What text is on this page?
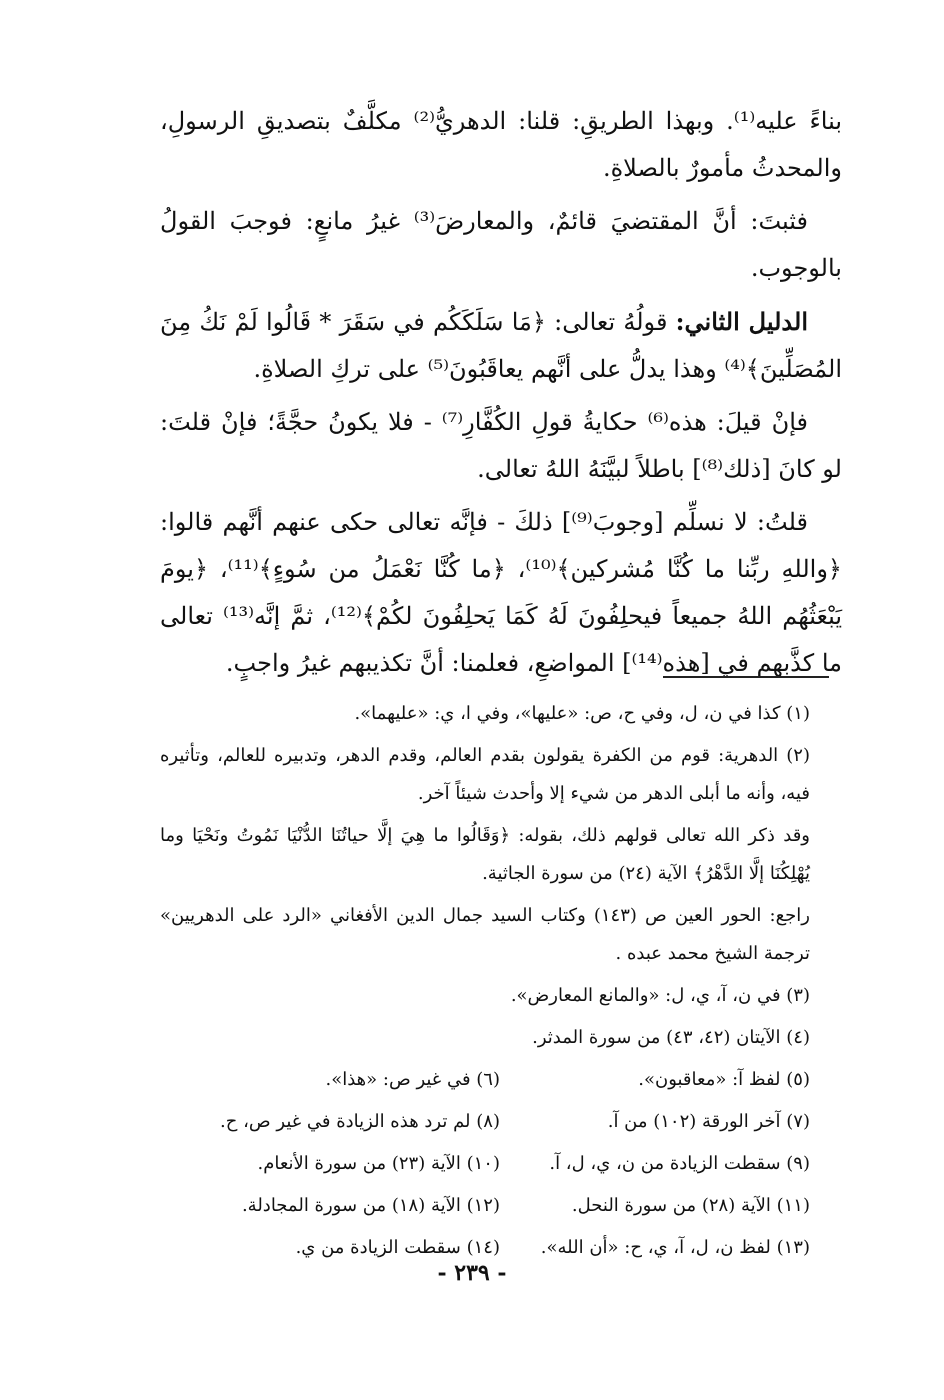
بناءً عليه⁽¹⁾. وبهذا الطريقِ: قلنا: الدهريُّ⁽²⁾ مكلَّفٌ بتصديقِ الرسولِ، والمحدثُ مأمورٌ بالصلاةِ.

فثبتَ: أنَّ المقتضيَ قائمٌ، والمعارضَ⁽³⁾ غيرُ مانعٍ: فوجبَ القولُ بالوجوب.

الدليل الثاني: قولُهُ تعالى: ﴿مَا سَلَكَكُم في سَقَرَ * قَالُوا لَمْ نَكُ مِنَ المُصَلِّينَ﴾⁽⁴⁾ وهذا يدلُّ على أنَّهم يعاقَبُونَ⁽⁵⁾ على تركِ الصلاةِ.

فإنْ قيلَ: هذه⁽⁶⁾ حكايةُ قولِ الكُفَّارِ⁽⁷⁾ - فلا يكونُ حجَّةً؛ فإنْ قلتَ: لو كانَ [ذلك⁽⁸⁾] باطلاً لبيَّنَهُ اللهُ تعالى.

قلتُ: لا نسلِّم [وجوبَ⁽⁹⁾] ذلكَ - فإنَّه تعالى حكى عنهم أنَّهم قالوا: ﴿واللهِ ربِّنا ما كُنَّا مُشركين﴾⁽¹⁰⁾، ﴿ما كُنَّا نَعْمَلُ من سُوءٍ﴾⁽¹¹⁾، ﴿يومَ يَبْعَثُهُم اللهُ جميعاً فيحلِفُونَ لَهُ كَمَا يَحلِفُونَ لكُمْ﴾⁽¹²⁾، ثمَّ إنَّه⁽¹³⁾ تعالى ما كذَّبهم في [هذه⁽¹⁴⁾] المواضعِ، فعلمنا: أنَّ تكذيبهم غيرُ واجبٍ.

(١) كذا في ن، ل، وفي ح، ص: «عليها»، وفي ا، ي: «عليهما».

(٢) الدهرية: قوم من الكفرة يقولون بقدم العالم، وقدم الدهر، وتدبيره للعالم، وتأثيره فيه، وأنه ما أبلى الدهر من شيء إلا وأحدث شيئاً آخر.

وقد ذكر الله تعالى قولهم ذلك، بقوله: ﴿وَقَالُوا ما هِيَ إلَّا حياتُنَا الدُّنْيَا نَمُوتُ ونَحْيَا وما يُهْلِكُنَا إلَّا الدَّهْرُ﴾ الآية (٢٤) من سورة الجاثية.

راجع: الحور العين ص (١٤٣) وكتاب السيد جمال الدين الأفغاني «الرد على الدهريين» ترجمة الشيخ محمد عبده .

(٣) في ن، آ، ي، ل: «والمانع المعارض».

(٤) الآيتان (٤٢، ٤٣) من سورة المدثر.

(٥) لفظ آ: «معاقبون».
(٦) في غير ص: «هذا».
(٧) آخر الورقة (١٠٢) من آ.
(٨) لم ترد هذه الزيادة في غير ص، ح.
(٩) سقطت الزيادة من ن، ي، ل، آ.
(١٠) الآية (٢٣) من سورة الأنعام.
(١١) الآية (٢٨) من سورة النحل.
(١٢) الآية (١٨) من سورة المجادلة.
(١٣) لفظ ن، ل، آ، ي، ح: «أن الله».
(١٤) سقطت الزيادة من ي.
- ٢٣٩ -
